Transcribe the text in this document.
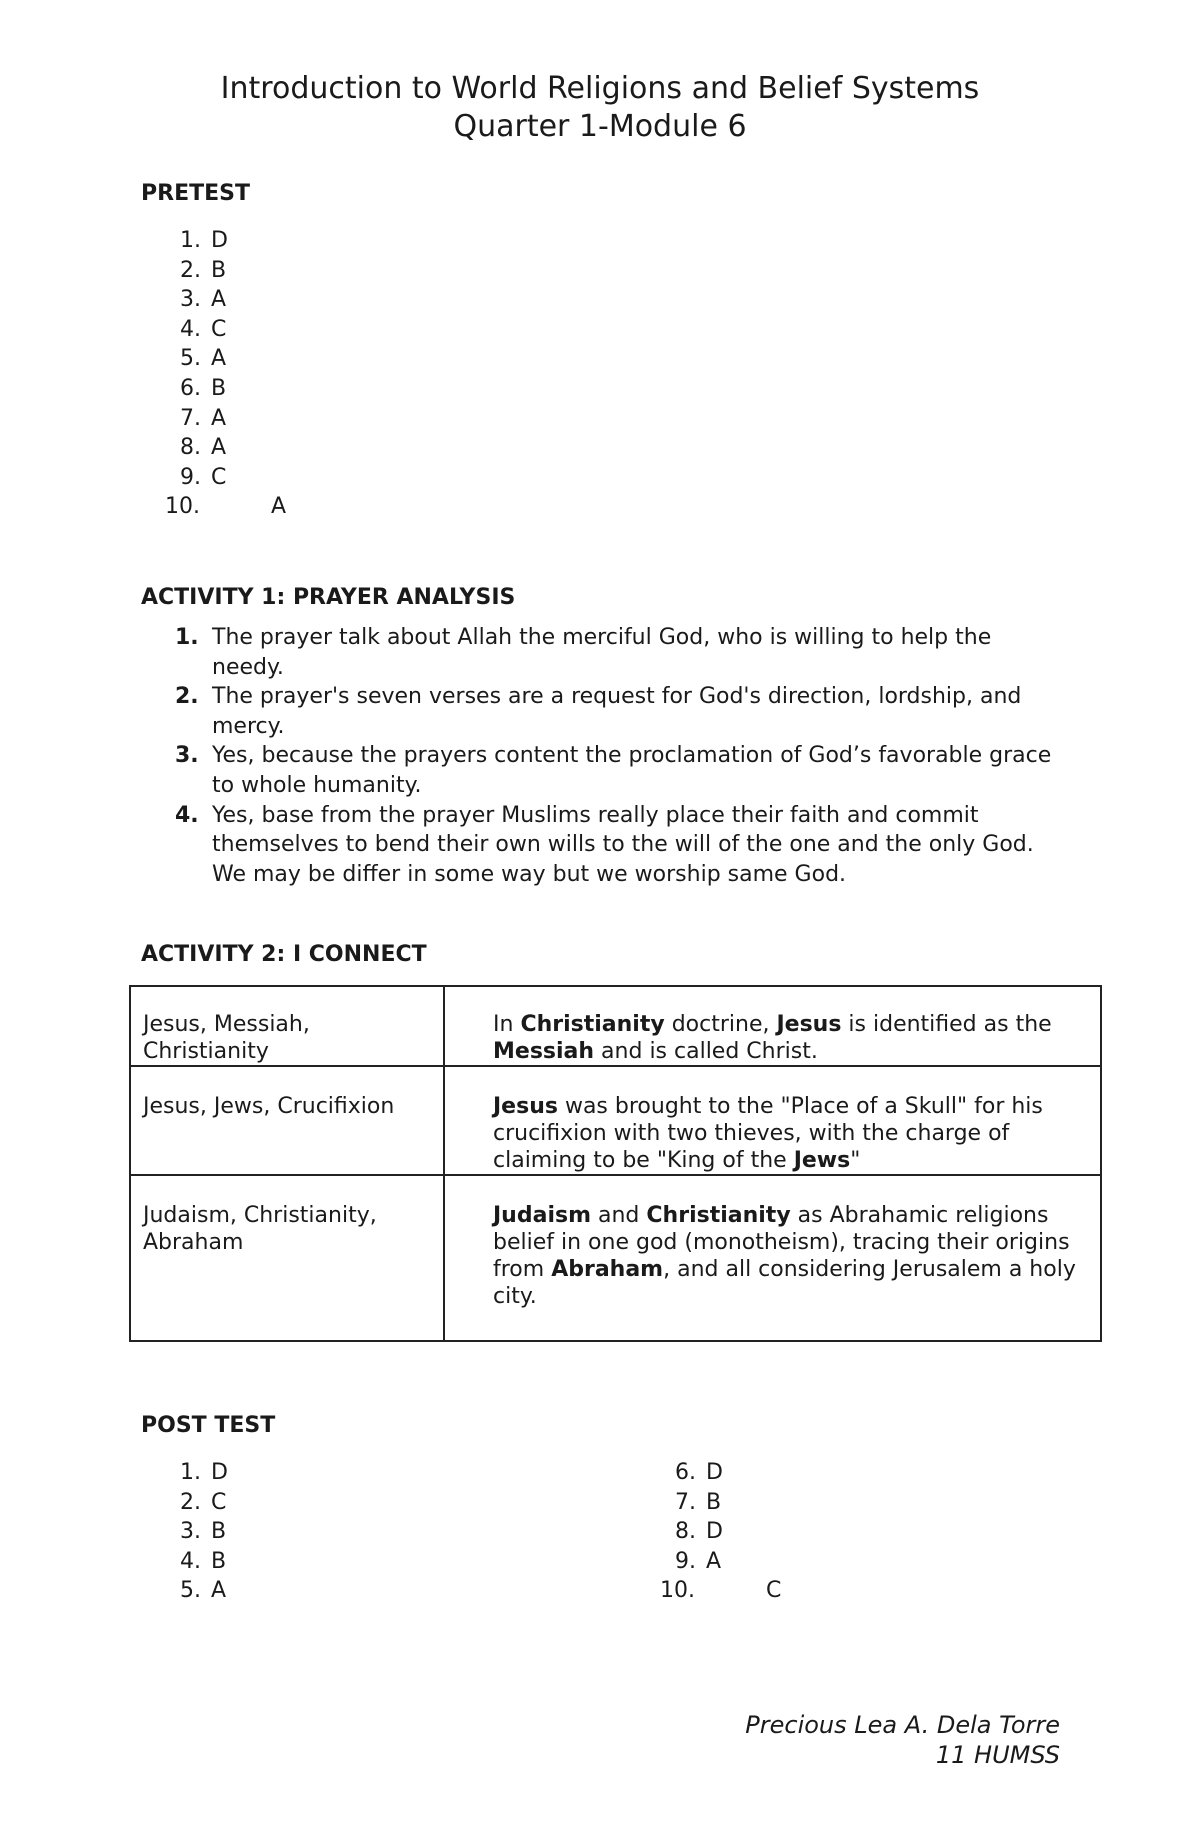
Introduction to World Religions and Belief Systems
Quarter 1-Module 6
PRETEST
1. D
2. B
3. A
4. C
5. A
6. B
7. A
8. A
9. C
10.	A
ACTIVITY 1: PRAYER ANALYSIS
1. The prayer talk about Allah the merciful God, who is willing to help the needy.
2. The prayer's seven verses are a request for God's direction, lordship, and mercy.
3. Yes, because the prayers content the proclamation of God’s favorable grace to whole humanity.
4. Yes, base from the prayer Muslims really place their faith and commit themselves to bend their own wills to the will of the one and the only God. We may be differ in some way but we worship same God.
ACTIVITY 2: I CONNECT
Jesus, Messiah, Christianity	In Christianity doctrine, Jesus is identified as the Messiah and is called Christ.
Jesus, Jews, Crucifixion	Jesus was brought to the "Place of a Skull" for his crucifixion with two thieves, with the charge of claiming to be "King of the Jews"
Judaism, Christianity, Abraham	Judaism and Christianity as Abrahamic religions belief in one god (monotheism), tracing their origins from Abraham, and all considering Jerusalem a holy city.
POST TEST
1. D
2. C
3. B
4. B
5. A
6. D
7. B
8. D
9. A
10.	C
Precious Lea A. Dela Torre
11 HUMSS
